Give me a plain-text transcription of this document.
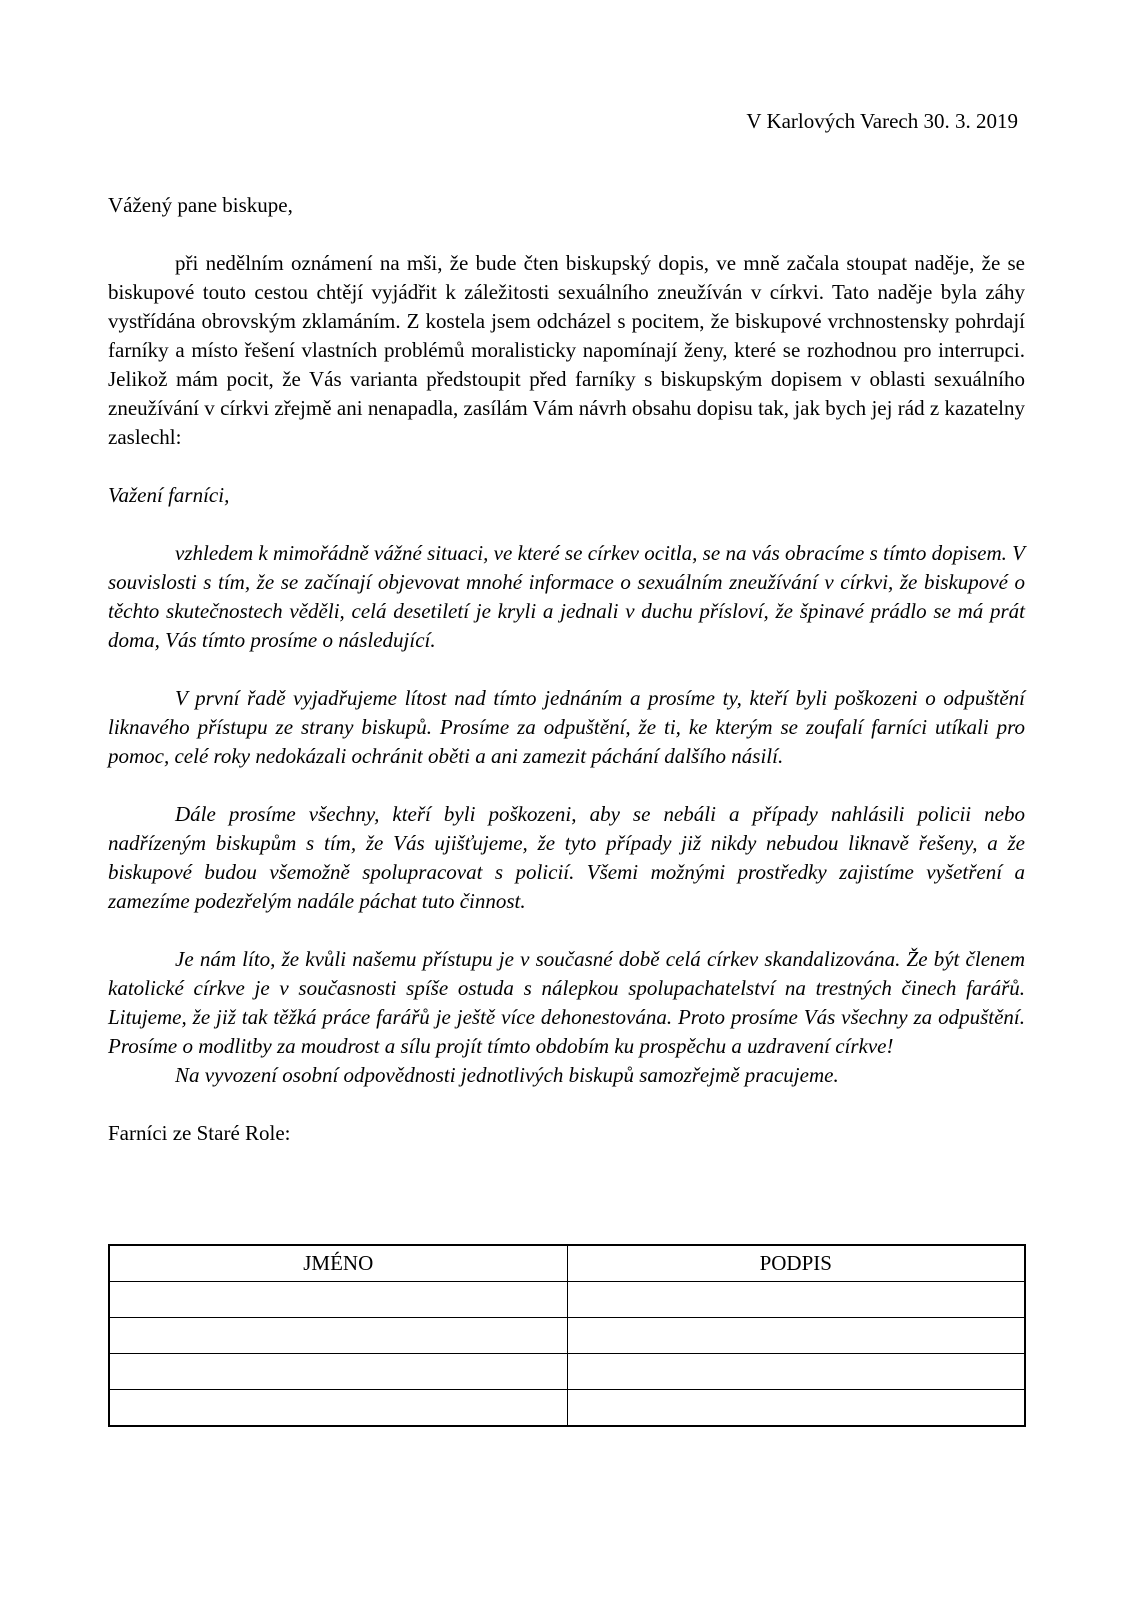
V Karlových Varech 30. 3. 2019

Vážený pane biskupe,

při nedělním oznámení na mši, že bude čten biskupský dopis, ve mně začala stoupat naděje, že se biskupové touto cestou chtějí vyjádřit k záležitosti sexuálního zneužíván v církvi. Tato naděje byla záhy vystřídána obrovským zklamáním. Z kostela jsem odcházel s pocitem, že biskupové vrchnostensky pohrdají farníky a místo řešení vlastních problémů moralisticky napomínají ženy, které se rozhodnou pro interrupci. Jelikož mám pocit, že Vás varianta předstoupit před farníky s biskupským dopisem v oblasti sexuálního zneužívání v církvi zřejmě ani nenapadla, zasílám Vám návrh obsahu dopisu tak, jak bych jej rád z kazatelny zaslechl:

Važení farníci,

vzhledem k mimořádně vážné situaci, ve které se církev ocitla, se na vás obracíme s tímto dopisem. V souvislosti s tím, že se začínají objevovat mnohé informace o sexuálním zneužívání v církvi, že biskupové o těchto skutečnostech věděli, celá desetiletí je kryli a jednali v duchu přísloví, že špinavé prádlo se má prát doma, Vás tímto prosíme o následující.

V první řadě vyjadřujeme lítost nad tímto jednáním a prosíme ty, kteří byli poškozeni o odpuštění liknavého přístupu ze strany biskupů. Prosíme za odpuštění, že ti, ke kterým se zoufalí farníci utíkali pro pomoc, celé roky nedokázali ochránit oběti a ani zamezit páchání dalšího násilí.

Dále prosíme všechny, kteří byli poškozeni, aby se nebáli a případy nahlásili policii nebo nadřízeným biskupům s tím, že Vás ujišťujeme, že tyto případy již nikdy nebudou liknavě řešeny, a že biskupové budou všemožně spolupracovat s policií. Všemi možnými prostředky zajistíme vyšetření a zamezíme podezřelým nadále páchat tuto činnost.

Je nám líto, že kvůli našemu přístupu je v současné době celá církev skandalizována. Že být členem katolické církve je v současnosti spíše ostuda s nálepkou spolupachatelství na trestných činech farářů. Litujeme, že již tak těžká práce farářů je ještě více dehonestována. Proto prosíme Vás všechny za odpuštění. Prosíme o modlitby za moudrost a sílu projít tímto obdobím ku prospěchu a uzdravení církve!

Na vyvození osobní odpovědnosti jednotlivých biskupů samozřejmě pracujeme.

Farníci ze Staré Role:

JMÉNO	PODPIS
